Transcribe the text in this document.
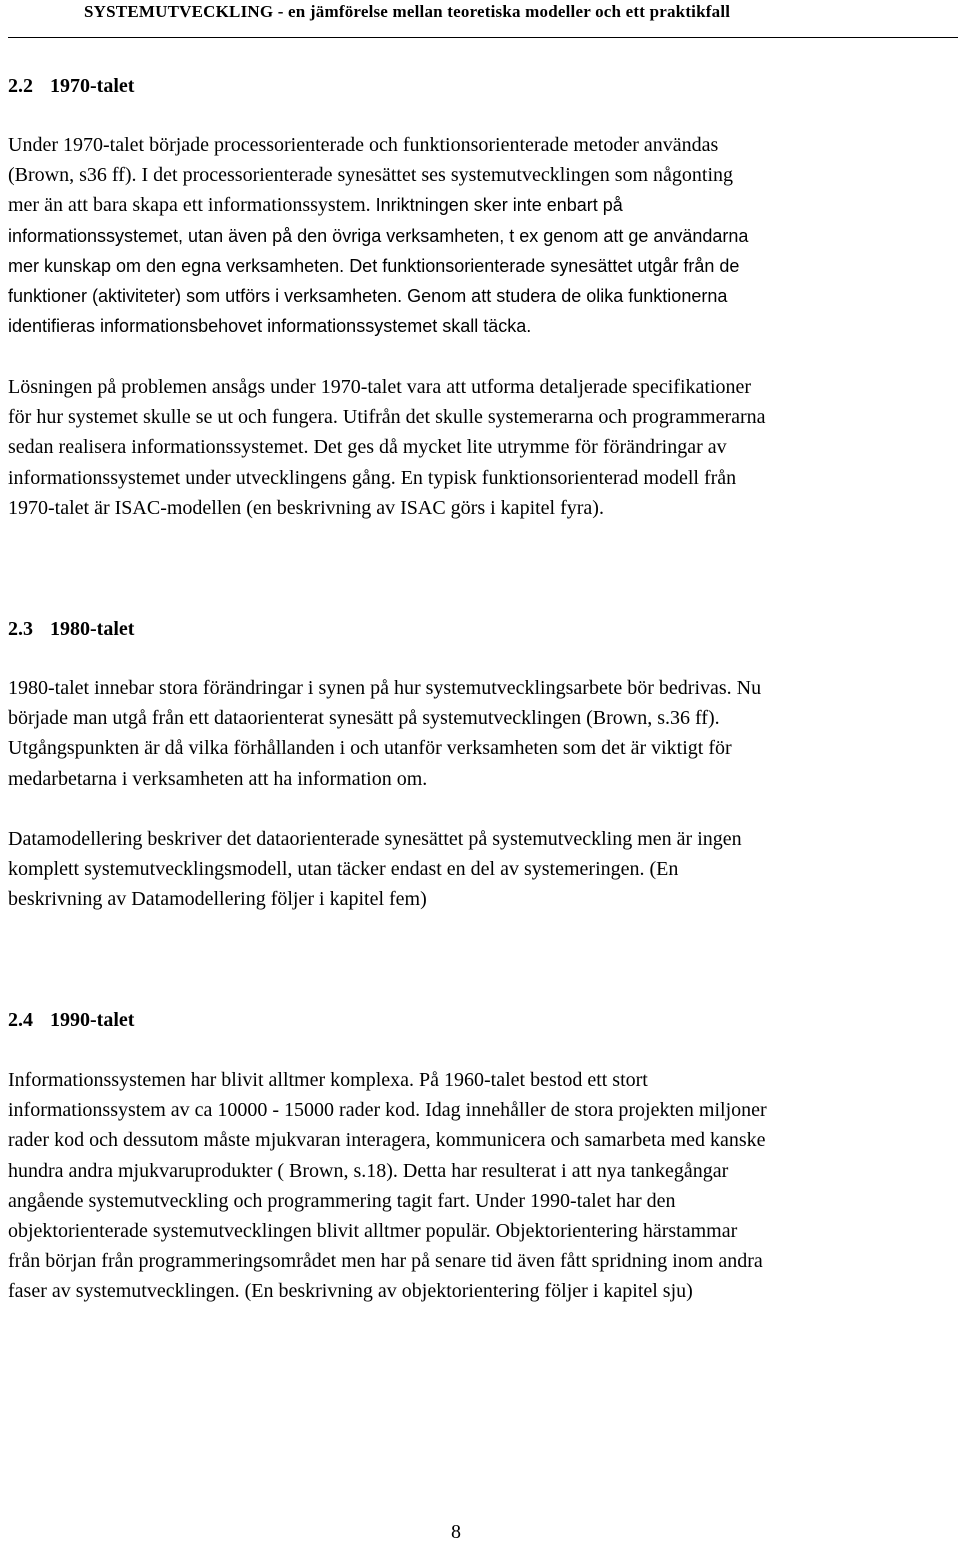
SYSTEMUTVECKLING - en jämförelse mellan teoretiska modeller och ett praktikfall
2.2 1970-talet
Under 1970-talet började processorienterade och funktionsorienterade metoder användas
(Brown, s36 ff). I det processorienterade synesättet ses systemutvecklingen som någonting
mer än att bara skapa ett informationssystem. Inriktningen sker inte enbart på
informationssystemet, utan även på den övriga verksamheten, t ex genom att ge användarna
mer kunskap om den egna verksamheten. Det funktionsorienterade synesättet utgår från de
funktioner (aktiviteter) som utförs i verksamheten. Genom att studera de olika funktionerna
identifieras informationsbehovet informationssystemet skall täcka.
Lösningen på problemen ansågs under 1970-talet vara att utforma detaljerade specifikationer
för hur systemet skulle se ut och fungera. Utifrån det skulle systemerarna och programmerarna
sedan realisera informationssystemet. Det ges då mycket lite utrymme för förändringar av
informationssystemet under utvecklingens gång. En typisk funktionsorienterad modell från
1970-talet är ISAC-modellen (en beskrivning av ISAC görs i kapitel fyra).
2.3 1980-talet
1980-talet innebar stora förändringar i synen på hur systemutvecklingsarbete bör bedrivas. Nu
började man utgå från ett dataorienterat synesätt på systemutvecklingen (Brown, s.36 ff).
Utgångspunkten är då vilka förhållanden i och utanför verksamheten som det är viktigt för
medarbetarna i verksamheten att ha information om.
Datamodellering beskriver det dataorienterade synesättet på systemutveckling men är ingen
komplett systemutvecklingsmodell, utan täcker endast en del av systemeringen. (En
beskrivning av Datamodellering följer i kapitel fem)
2.4 1990-talet
Informationssystemen har blivit alltmer komplexa. På 1960-talet bestod ett stort
informationssystem av ca 10000 - 15000 rader kod. Idag innehåller de stora projekten miljoner
rader kod och dessutom måste mjukvaran interagera, kommunicera och samarbeta med kanske
hundra andra mjukvaruprodukter ( Brown, s.18). Detta har resulterat i att nya tankegångar
angående systemutveckling och programmering tagit fart. Under 1990-talet har den
objektorienterade systemutvecklingen blivit alltmer populär. Objektorientering härstammar
från början från programmeringsområdet men har på senare tid även fått spridning inom andra
faser av systemutvecklingen. (En beskrivning av objektorientering följer i kapitel sju)
8
